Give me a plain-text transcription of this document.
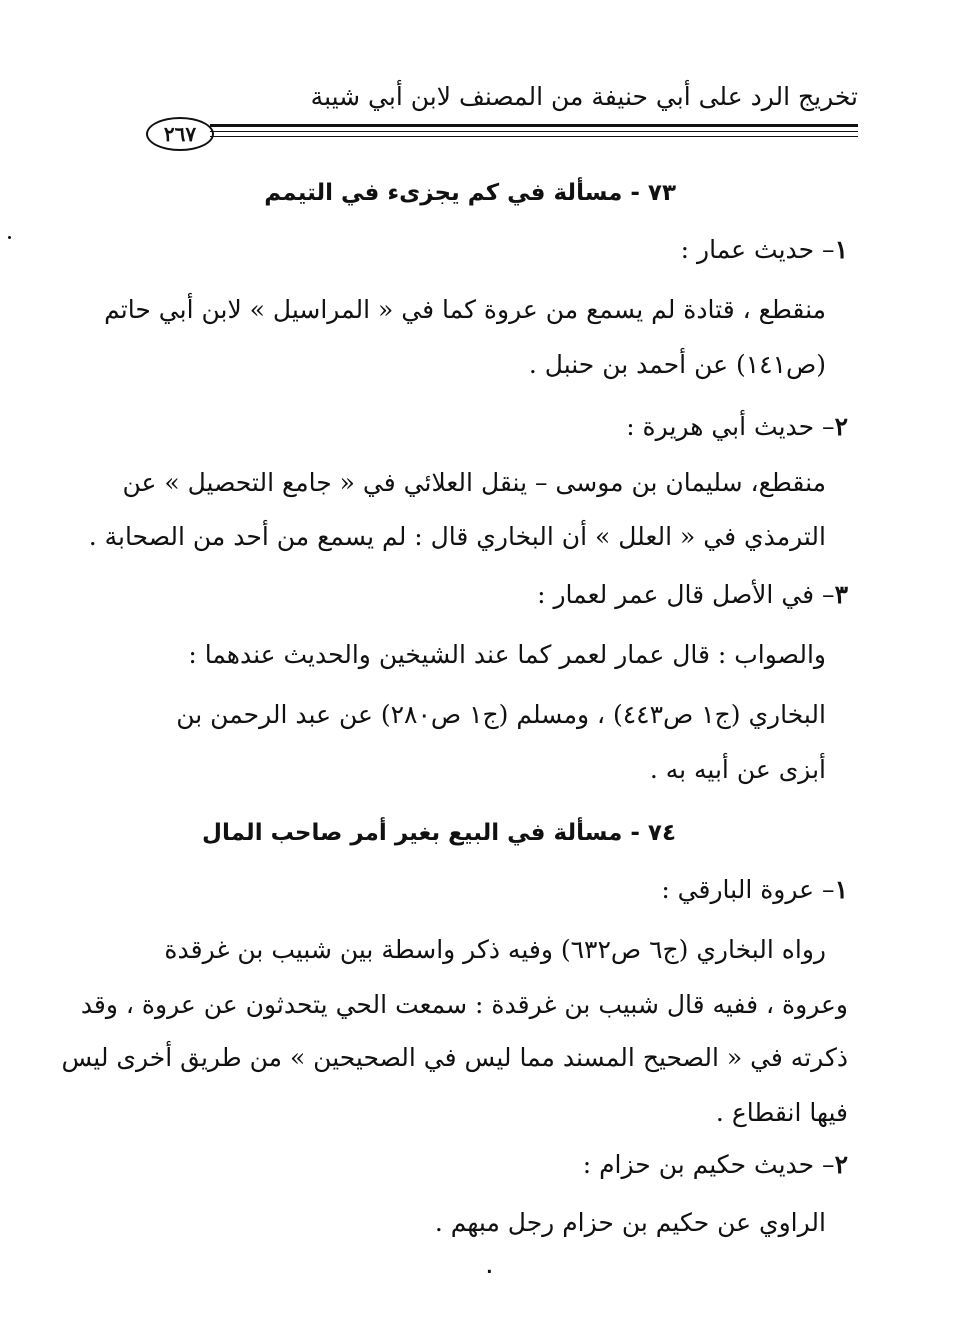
تخريج الرد على أبي حنيفة من المصنف لابن أبي شيبة
٢٦٧
٧٣ - مسألة في كم يجزىء في التيمم
١– حديث عمار :
منقطع ، قتادة لم يسمع من عروة كما في « المراسيل » لابن أبي حاتم
(ص١٤١) عن أحمد بن حنبل .
٢– حديث أبي هريرة :
منقطع، سليمان بن موسى – ينقل العلائي في « جامع التحصيل » عن
الترمذي في « العلل » أن البخاري قال : لم يسمع من أحد من الصحابة .
٣– في الأصل قال عمر لعمار :
والصواب : قال عمار لعمر كما عند الشيخين والحديث عندهما :
البخاري (ج١ ص٤٤٣) ، ومسلم (ج١ ص٢٨٠) عن عبد الرحمن بن
أبزى عن أبيه به .
٧٤ - مسألة في البيع بغير أمر صاحب المال
١– عروة البارقي :
رواه البخاري (ج٦ ص٦٣٢) وفيه ذكر واسطة بين شبيب بن غرقدة
وعروة ، ففيه قال شبيب بن غرقدة : سمعت الحي يتحدثون عن عروة ، وقد
ذكرته في « الصحيح المسند مما ليس في الصحيحين » من طريق أخرى ليس
فيها انقطاع .
٢– حديث حكيم بن حزام :
الراوي عن حكيم بن حزام رجل مبهم .
٠
